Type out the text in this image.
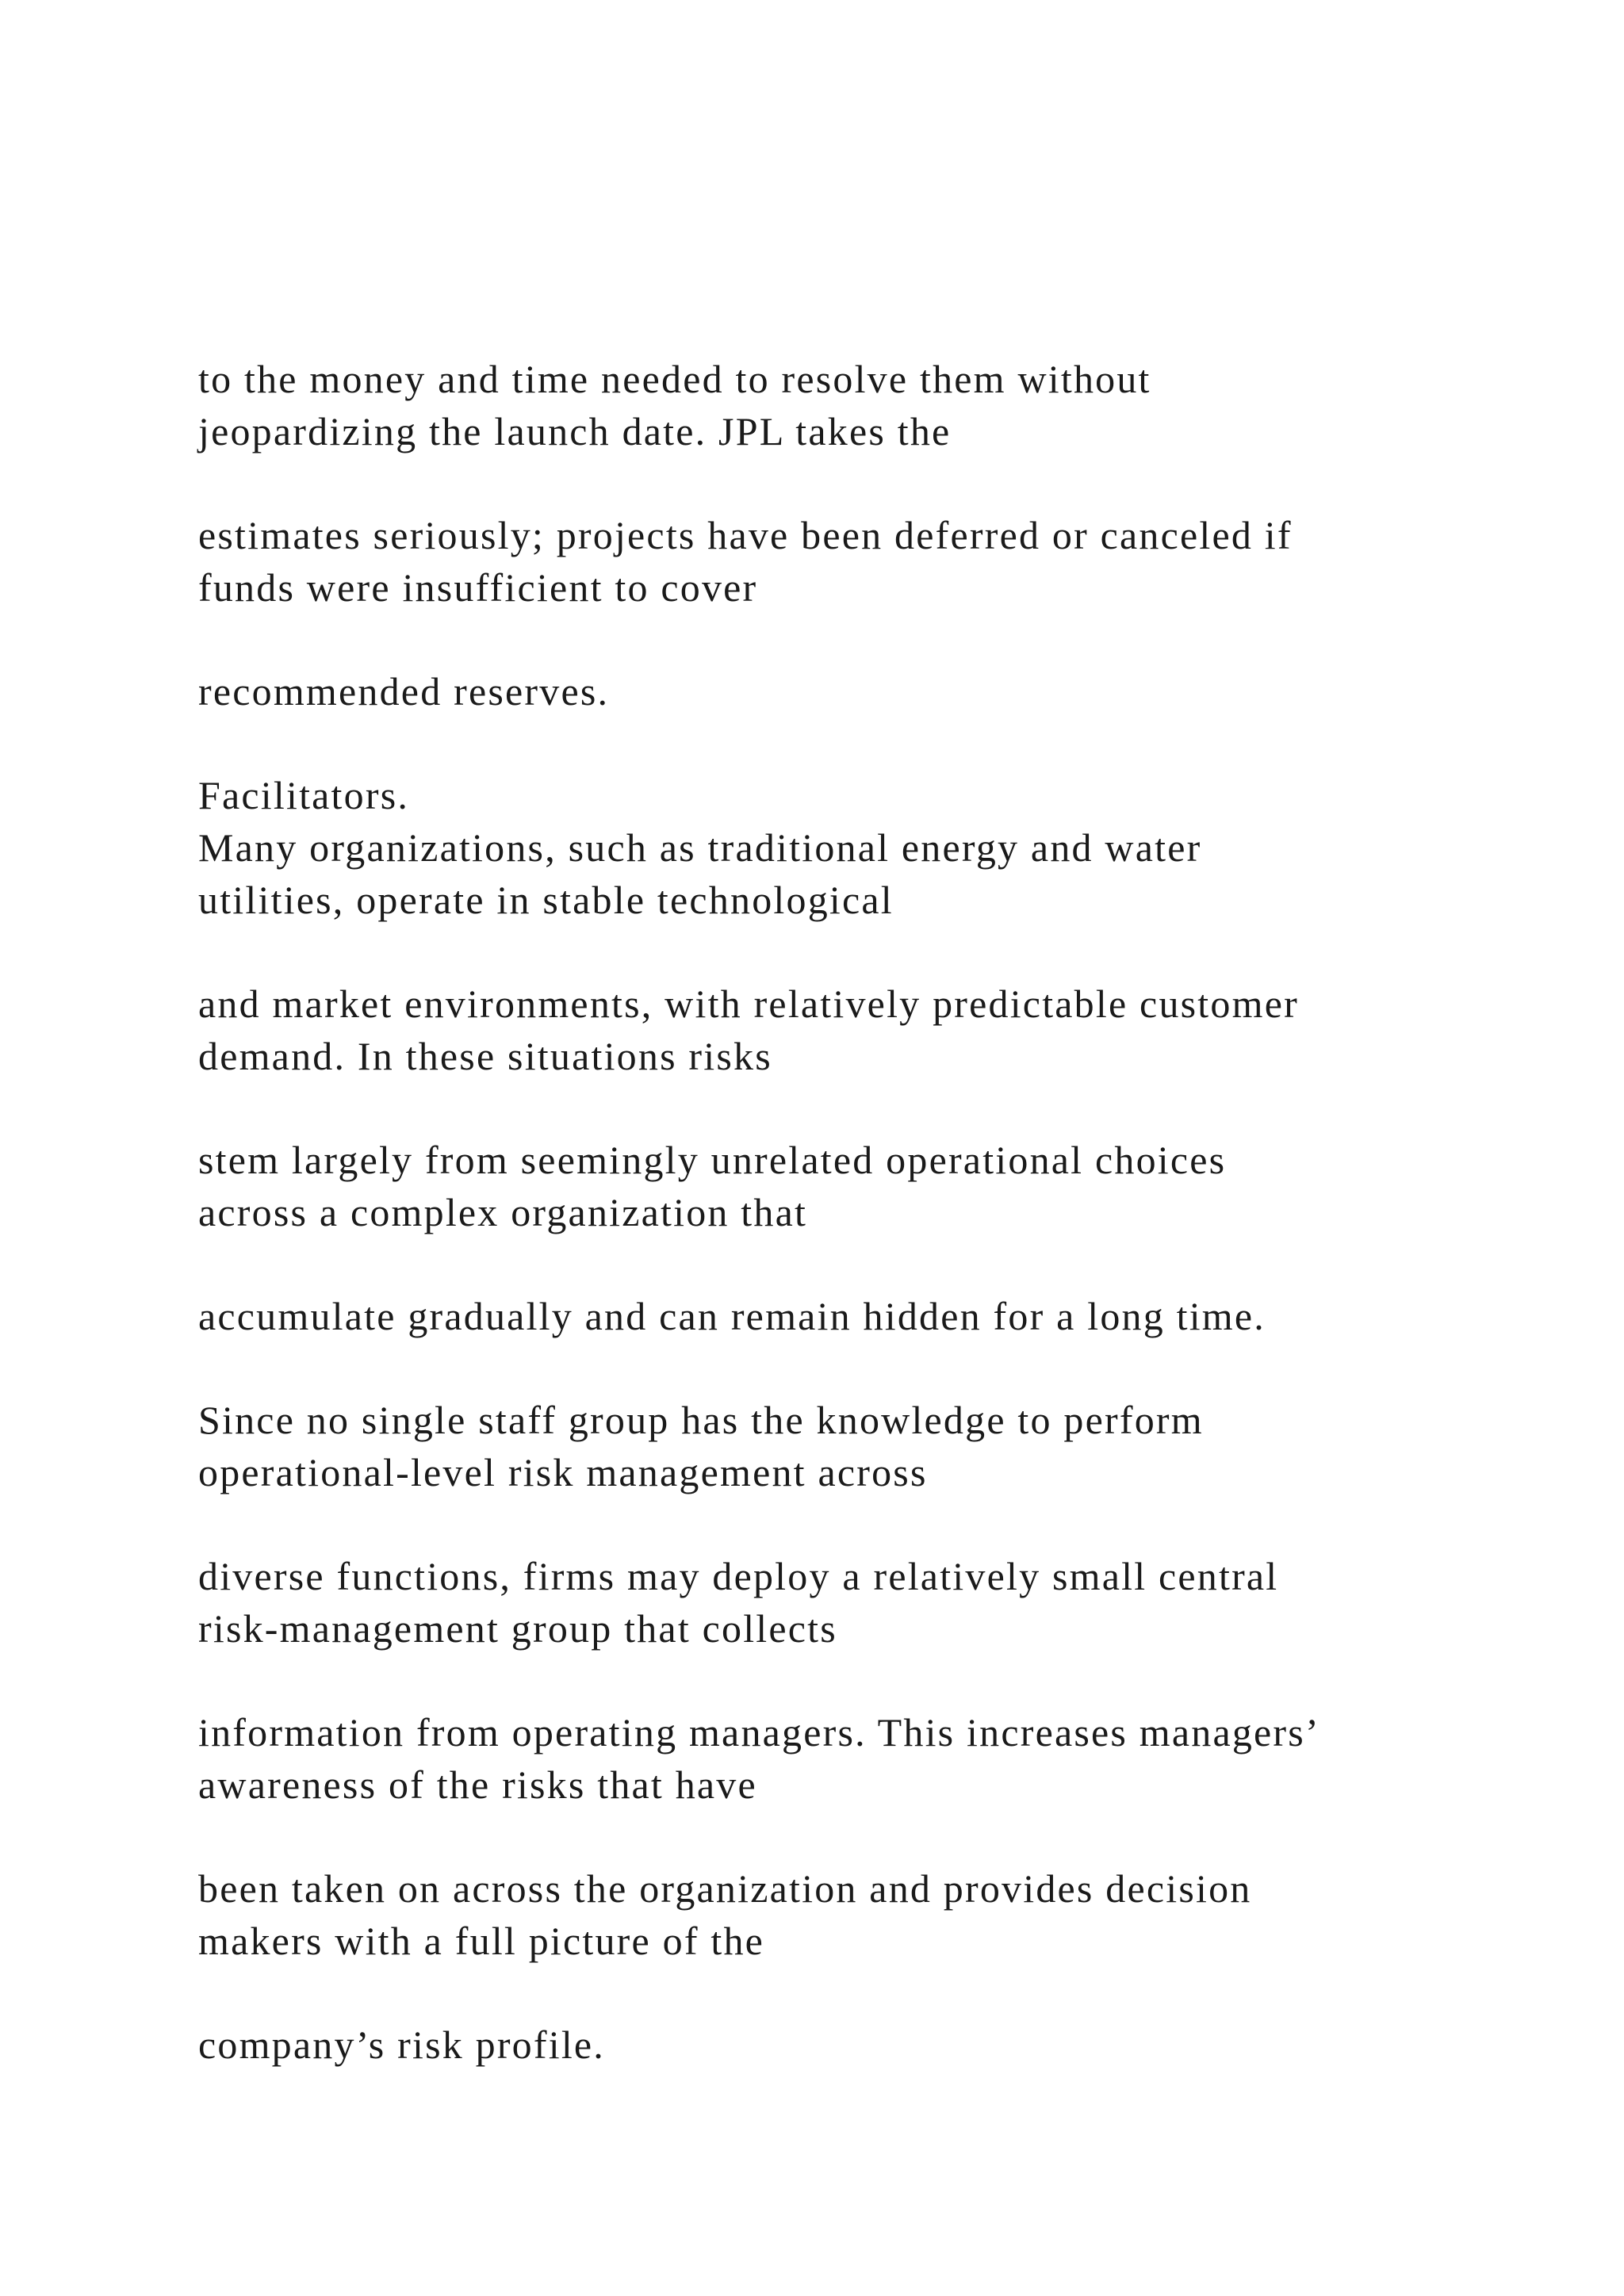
to the money and time needed to resolve them without
jeopardizing the launch date. JPL takes the
estimates seriously; projects have been deferred or canceled if
funds were insufficient to cover
recommended reserves.
Facilitators.
Many organizations, such as traditional energy and water
utilities, operate in stable technological
and market environments, with relatively predictable customer
demand. In these situations risks
stem largely from seemingly unrelated operational choices
across a complex organization that
accumulate gradually and can remain hidden for a long time.
Since no single staff group has the knowledge to perform
operational-level risk management across
diverse functions, firms may deploy a relatively small central
risk-management group that collects
information from operating managers. This increases managers’
awareness of the risks that have
been taken on across the organization and provides decision
makers with a full picture of the
company’s risk profile.
